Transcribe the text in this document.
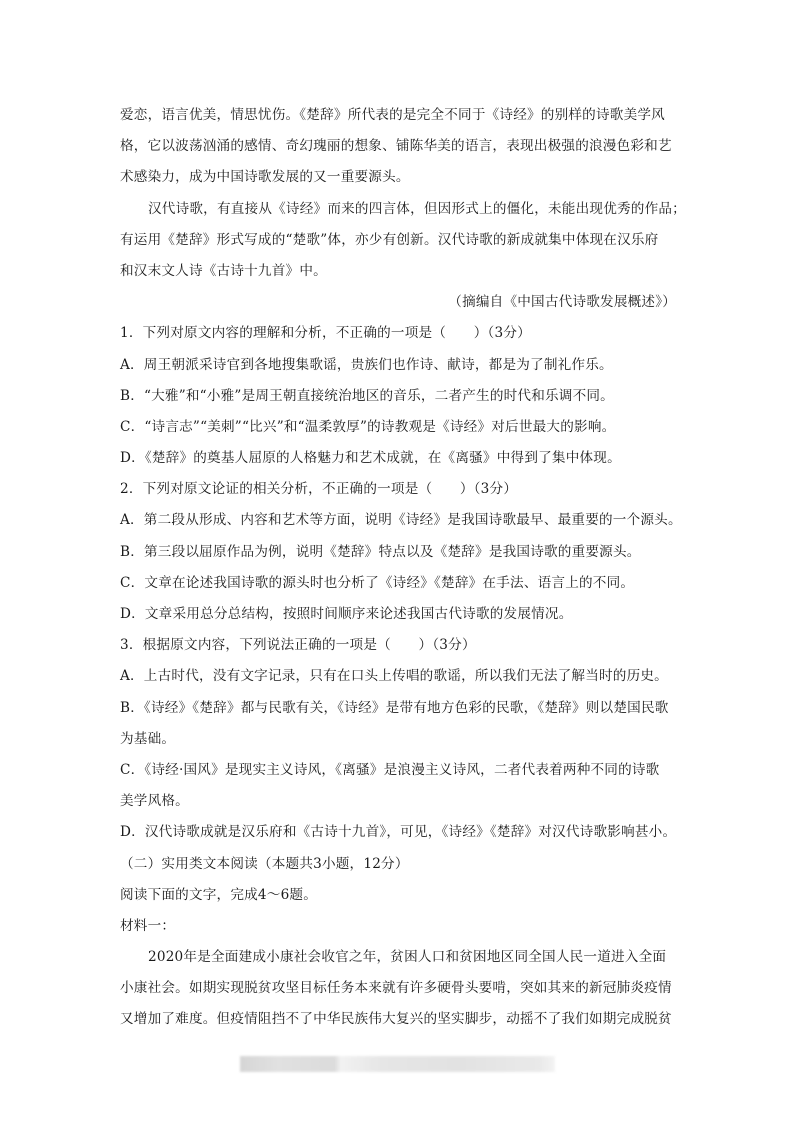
爱恋，语言优美，情思忧伤。《楚辞》所代表的是完全不同于《诗经》的别样的诗歌美学风
格，它以波荡汹涌的感情、奇幻瑰丽的想象、铺陈华美的语言，表现出极强的浪漫色彩和艺
术感染力，成为中国诗歌发展的又一重要源头。
汉代诗歌，有直接从《诗经》而来的四言体，但因形式上的僵化，未能出现优秀的作品；
有运用《楚辞》形式写成的“楚歌”体，亦少有创新。汉代诗歌的新成就集中体现在汉乐府
和汉末文人诗《古诗十九首》中。
（摘编自《中国古代诗歌发展概述》）
1．下列对原文内容的理解和分析，不正确的一项是（　　）（3分）
A．周王朝派采诗官到各地搜集歌谣，贵族们也作诗、献诗，都是为了制礼作乐。
B．“大雅”和“小雅”是周王朝直接统治地区的音乐，二者产生的时代和乐调不同。
C．“诗言志”“美刺”“比兴”和“温柔敦厚”的诗教观是《诗经》对后世最大的影响。
D．《楚辞》的奠基人屈原的人格魅力和艺术成就，在《离骚》中得到了集中体现。
2．下列对原文论证的相关分析，不正确的一项是（　　）（3分）
A．第二段从形成、内容和艺术等方面，说明《诗经》是我国诗歌最早、最重要的一个源头。
B．第三段以屈原作品为例，说明《楚辞》特点以及《楚辞》是我国诗歌的重要源头。
C．文章在论述我国诗歌的源头时也分析了《诗经》《楚辞》在手法、语言上的不同。
D．文章采用总分总结构，按照时间顺序来论述我国古代诗歌的发展情况。
3．根据原文内容，下列说法正确的一项是（　　）（3分）
A．上古时代，没有文字记录，只有在口头上传唱的歌谣，所以我们无法了解当时的历史。
B．《诗经》《楚辞》都与民歌有关，《诗经》是带有地方色彩的民歌，《楚辞》则以楚国民歌
为基础。
C．《诗经·国风》是现实主义诗风，《离骚》是浪漫主义诗风，二者代表着两种不同的诗歌
美学风格。
D．汉代诗歌成就是汉乐府和《古诗十九首》，可见，《诗经》《楚辞》对汉代诗歌影响甚小。
（二）实用类文本阅读（本题共3小题，12分）
阅读下面的文字，完成4～6题。
材料一：
2020年是全面建成小康社会收官之年，贫困人口和贫困地区同全国人民一道进入全面
小康社会。如期实现脱贫攻坚目标任务本来就有许多硬骨头要啃，突如其来的新冠肺炎疫情
又增加了难度。但疫情阻挡不了中华民族伟大复兴的坚实脚步，动摇不了我们如期完成脱贫
